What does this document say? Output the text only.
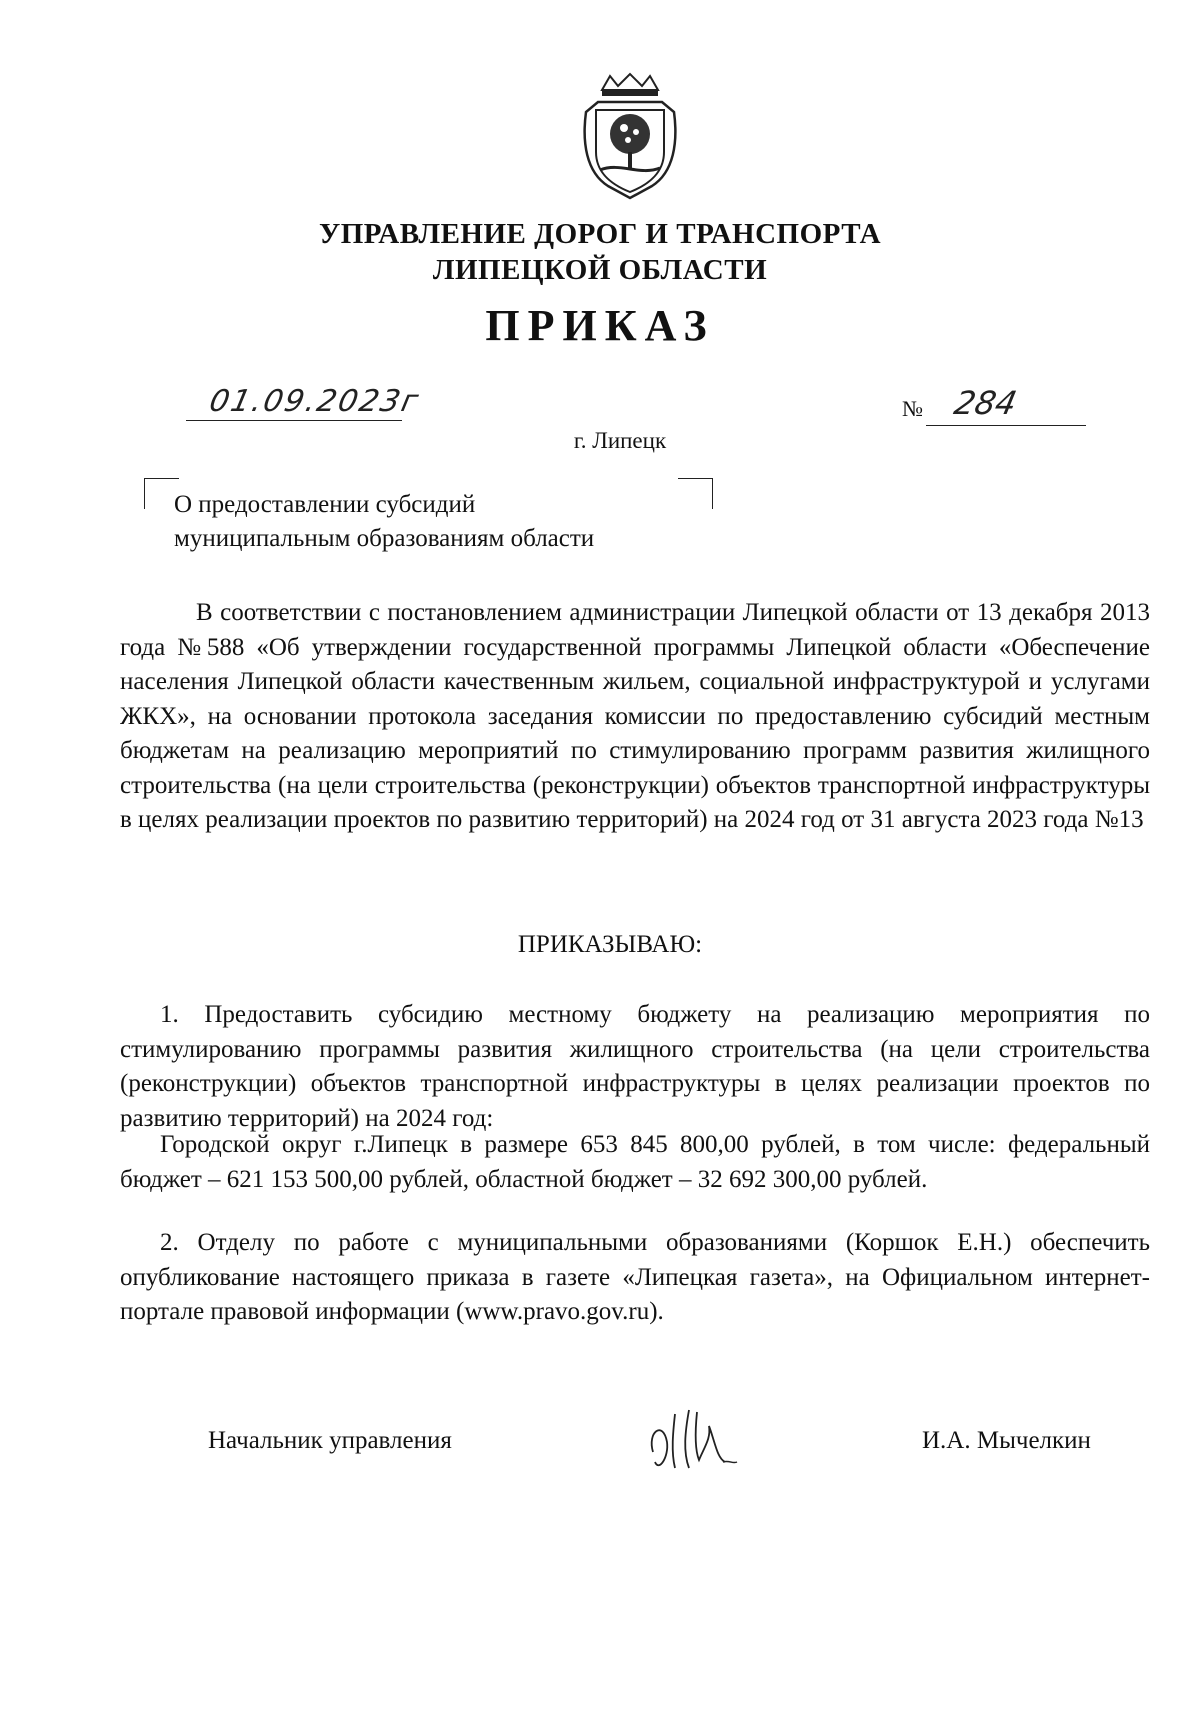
УПРАВЛЕНИЕ ДОРОГ И ТРАНСПОРТА
ЛИПЕЦКОЙ ОБЛАСТИ
ПРИКАЗ
01.09.2023г	№ 284
г. Липецк
О предоставлении субсидий
муниципальным образованиям области
В соответствии с постановлением администрации Липецкой области от 13 декабря 2013 года №588 «Об утверждении государственной программы Липецкой области «Обеспечение населения Липецкой области качественным жильем, социальной инфраструктурой и услугами ЖКХ», на основании протокола заседания комиссии по предоставлению субсидий местным бюджетам на реализацию мероприятий по стимулированию программ развития жилищного строительства (на цели строительства (реконструкции) объектов транспортной инфраструктуры в целях реализации проектов по развитию территорий) на 2024 год от 31 августа 2023 года №13
ПРИКАЗЫВАЮ:
1. Предоставить субсидию местному бюджету на реализацию мероприятия по стимулированию программы развития жилищного строительства (на цели строительства (реконструкции) объектов транспортной инфраструктуры в целях реализации проектов по развитию территорий) на 2024 год:
Городской округ г.Липецк в размере 653 845 800,00 рублей, в том числе: федеральный бюджет – 621 153 500,00 рублей, областной бюджет – 32 692 300,00 рублей.
2. Отделу по работе с муниципальными образованиями (Коршок Е.Н.) обеспечить опубликование настоящего приказа в газете «Липецкая газета», на Официальном интернет-портале правовой информации (www.pravo.gov.ru).
Начальник управления	И.А. Мычелкин
